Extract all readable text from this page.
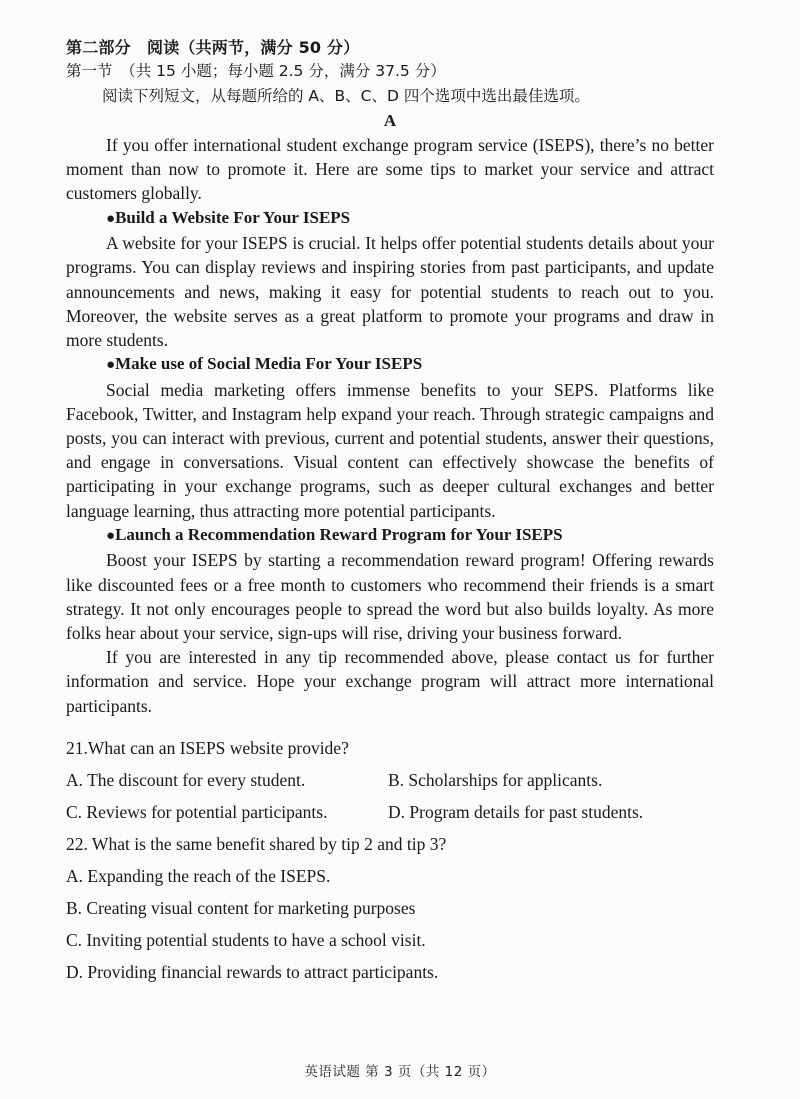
第二部分　阅读（共两节，满分 50 分）
第一节　（共 15 小题；每小题 2.5 分，满分 37.5 分）
阅读下列短文，从每题所给的 A、B、C、D 四个选项中选出最佳选项。
A

If you offer international student exchange program service (ISEPS), there’s no better moment than now to promote it. Here are some tips to market your service and attract customers globally.

●Build a Website For Your ISEPS

A website for your ISEPS is crucial. It helps offer potential students details about your programs. You can display reviews and inspiring stories from past participants, and update announcements and news, making it easy for potential students to reach out to you. Moreover, the website serves as a great platform to promote your programs and draw in more students.

●Make use of Social Media For Your ISEPS

Social media marketing offers immense benefits to your SEPS. Platforms like Facebook, Twitter, and Instagram help expand your reach. Through strategic campaigns and posts, you can interact with previous, current and potential students, answer their questions, and engage in conversations. Visual content can effectively showcase the benefits of participating in your exchange programs, such as deeper cultural exchanges and better language learning, thus attracting more potential participants.

●Launch a Recommendation Reward Program for Your ISEPS

Boost your ISEPS by starting a recommendation reward program! Offering rewards like discounted fees or a free month to customers who recommend their friends is a smart strategy. It not only encourages people to spread the word but also builds loyalty. As more folks hear about your service, sign-ups will rise, driving your business forward.

If you are interested in any tip recommended above, please contact us for further information and service. Hope your exchange program will attract more international participants.

21.What can an ISEPS website provide?
A. The discount for every student.	B. Scholarships for applicants.
C. Reviews for potential participants.	D. Program details for past students.
22. What is the same benefit shared by tip 2 and tip 3?
A. Expanding the reach of the ISEPS.
B. Creating visual content for marketing purposes
C. Inviting potential students to have a school visit.
D. Providing financial rewards to attract participants.
英语试题 第 3 页（共 12 页）
